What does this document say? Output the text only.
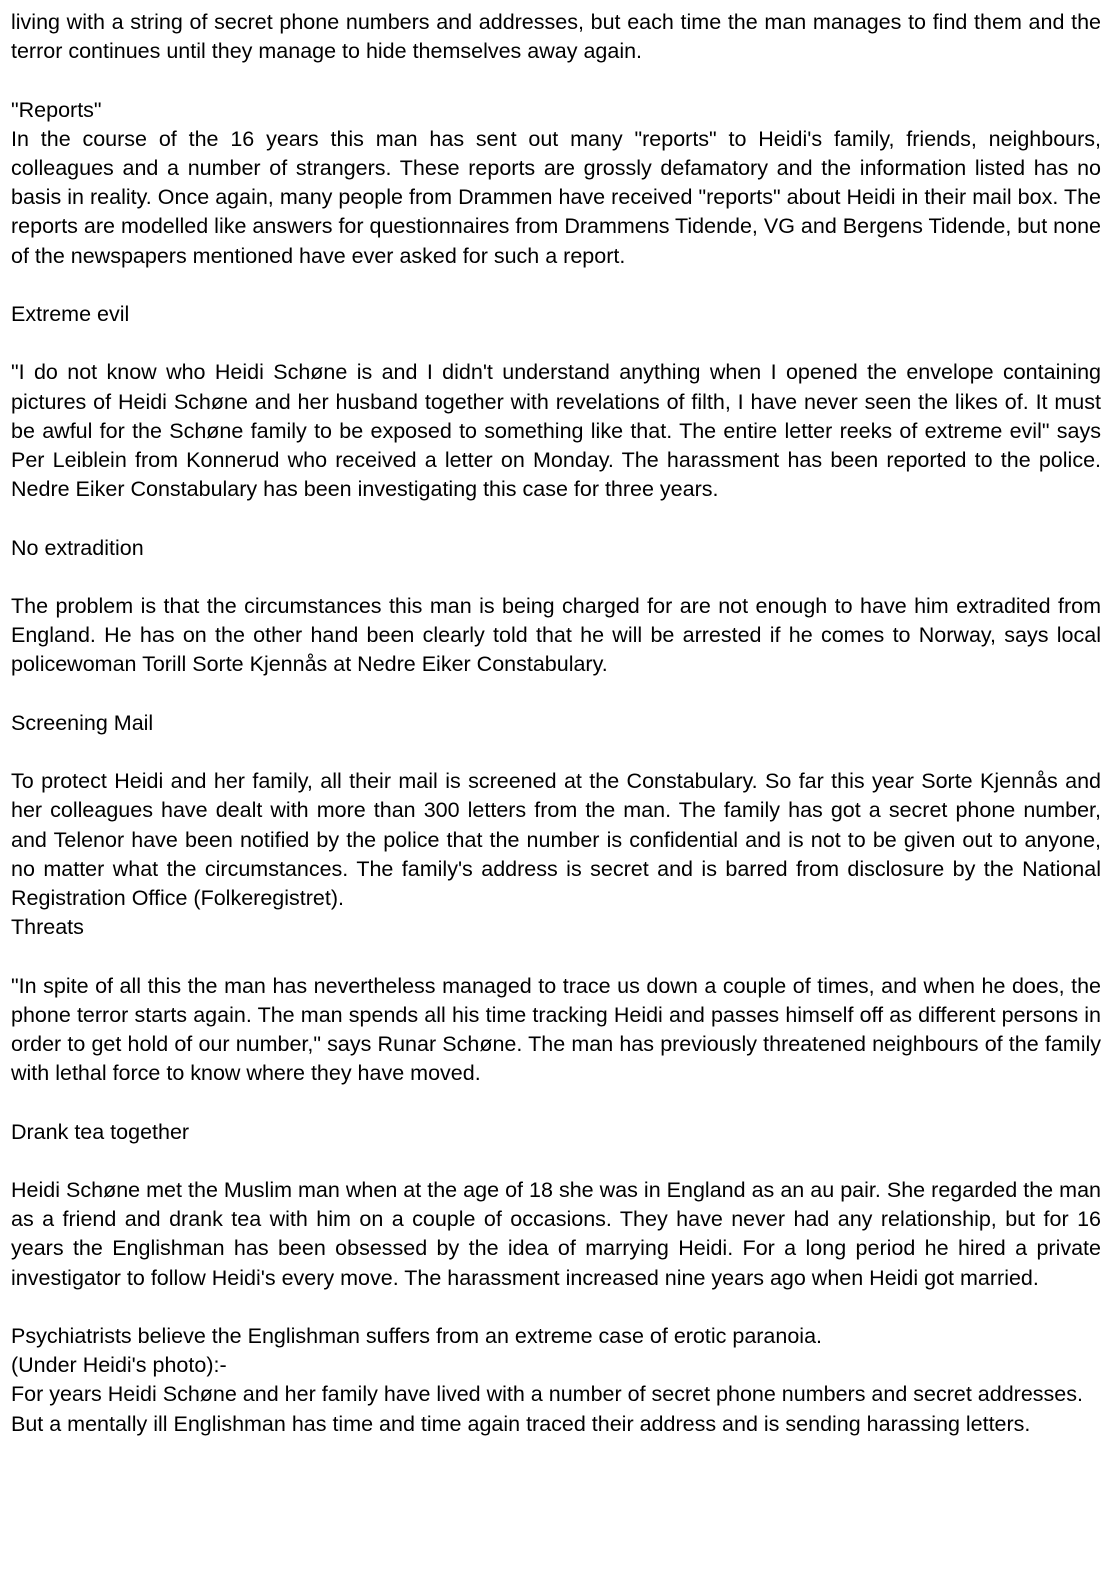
living with a string of secret phone numbers and addresses, but each time the man manages to find them and the terror continues until they manage to hide themselves away again.

"Reports"

In the course of the 16 years this man has sent out many "reports" to Heidi's family, friends, neighbours, colleagues and a number of strangers. These reports are grossly defamatory and the information listed has no basis in reality. Once again, many people from Drammen have received "reports" about Heidi in their mail box. The reports are modelled like answers for questionnaires from Drammens Tidende, VG and Bergens Tidende, but none of the newspapers mentioned have ever asked for such a report.

Extreme evil

"I do not know who Heidi Schøne is and I didn't understand anything when I opened the envelope containing pictures of Heidi Schøne and her husband together with revelations of filth, I have never seen the likes of. It must be awful for the Schøne family to be exposed to something like that. The entire letter reeks of extreme evil" says Per Leiblein from Konnerud who received a letter on Monday. The harassment has been reported to the police. Nedre Eiker Constabulary has been investigating this case for three years.

No extradition

The problem is that the circumstances this man is being charged for are not enough to have him extradited from England. He has on the other hand been clearly told that he will be arrested if he comes to Norway, says local policewoman Torill Sorte Kjennås at Nedre Eiker Constabulary.

Screening Mail

To protect Heidi and her family, all their mail is screened at the Constabulary. So far this year Sorte Kjennås and her colleagues have dealt with more than 300 letters from the man. The family has got a secret phone number, and Telenor have been notified by the police that the number is confidential and is not to be given out to anyone, no matter what the circumstances. The family's address is secret and is barred from disclosure by the National Registration Office (Folkeregistret).

Threats

"In spite of all this the man has nevertheless managed to trace us down a couple of times, and when he does, the phone terror starts again. The man spends all his time tracking Heidi and passes himself off as different persons in order to get hold of our number," says Runar Schøne. The man has previously threatened neighbours of the family with lethal force to know where they have moved.

Drank tea together

Heidi Schøne met the Muslim man when at the age of 18 she was in England as an au pair. She regarded the man as a friend and drank tea with him on a couple of occasions. They have never had any relationship, but for 16 years the Englishman has been obsessed by the idea of marrying Heidi. For a long period he hired a private investigator to follow Heidi's every move. The harassment increased nine years ago when Heidi got married.

Psychiatrists believe the Englishman suffers from an extreme case of erotic paranoia.

(Under Heidi's photo):-

For years Heidi Schøne and her family have lived with a number of secret phone numbers and secret addresses. But a mentally ill Englishman has time and time again traced their address and is sending harassing letters.
